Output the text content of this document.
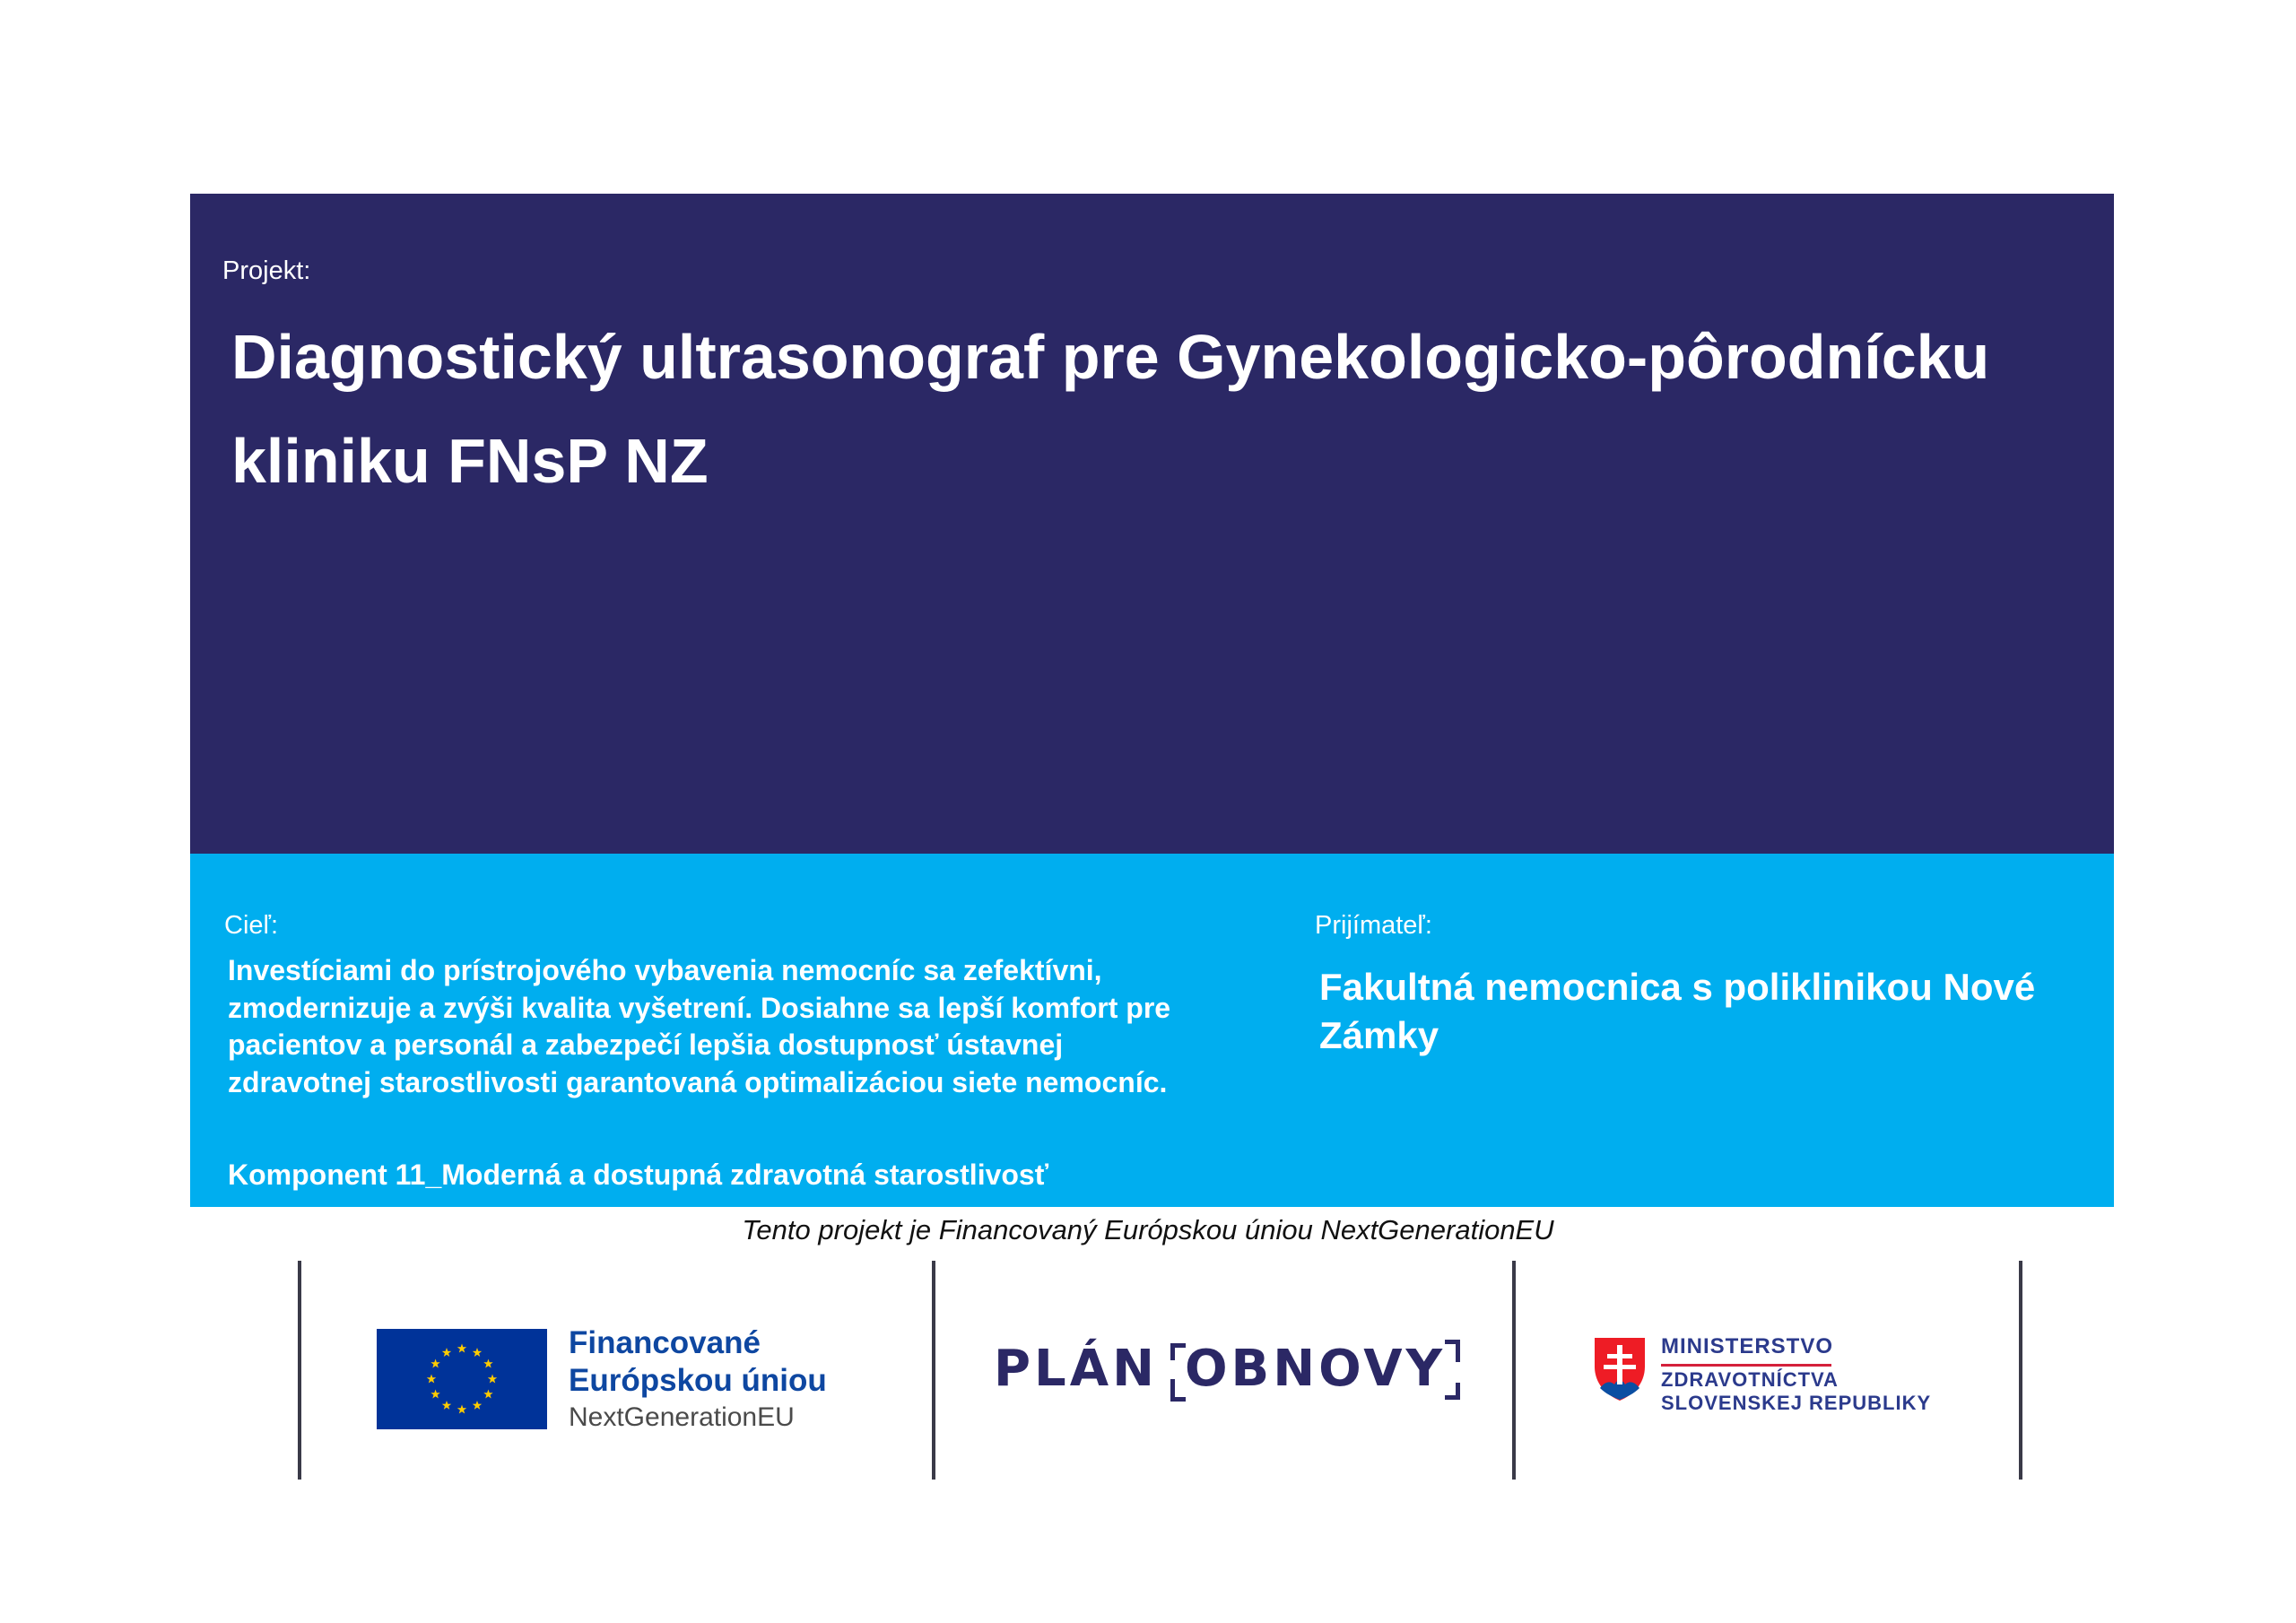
Projekt:
Diagnostický ultrasonograf pre Gynekologicko-pôrodnícku kliniku FNsP NZ
Cieľ:

Investíciami do prístrojového vybavenia nemocníc sa zefektívni, zmodernizuje a zvýši kvalita vyšetrení. Dosiahne sa lepší komfort pre pacientov a personál a zabezpečí lepšia dostupnosť ústavnej zdravotnej starostlivosti garantovaná optimalizáciou siete nemocníc.

Komponent 11_Moderná a dostupná zdravotná starostlivosť
Prijímateľ:

Fakultná nemocnica s poliklinikou Nové Zámky

Tento projekt je Financovaný Európskou úniou NextGenerationEU
Financované
Európskou úniou
NextGenerationEU
PLÁN OBNOVY	MINISTERSTVO
ZDRAVOTNÍCTVA
SLOVENSKEJ REPUBLIKY
